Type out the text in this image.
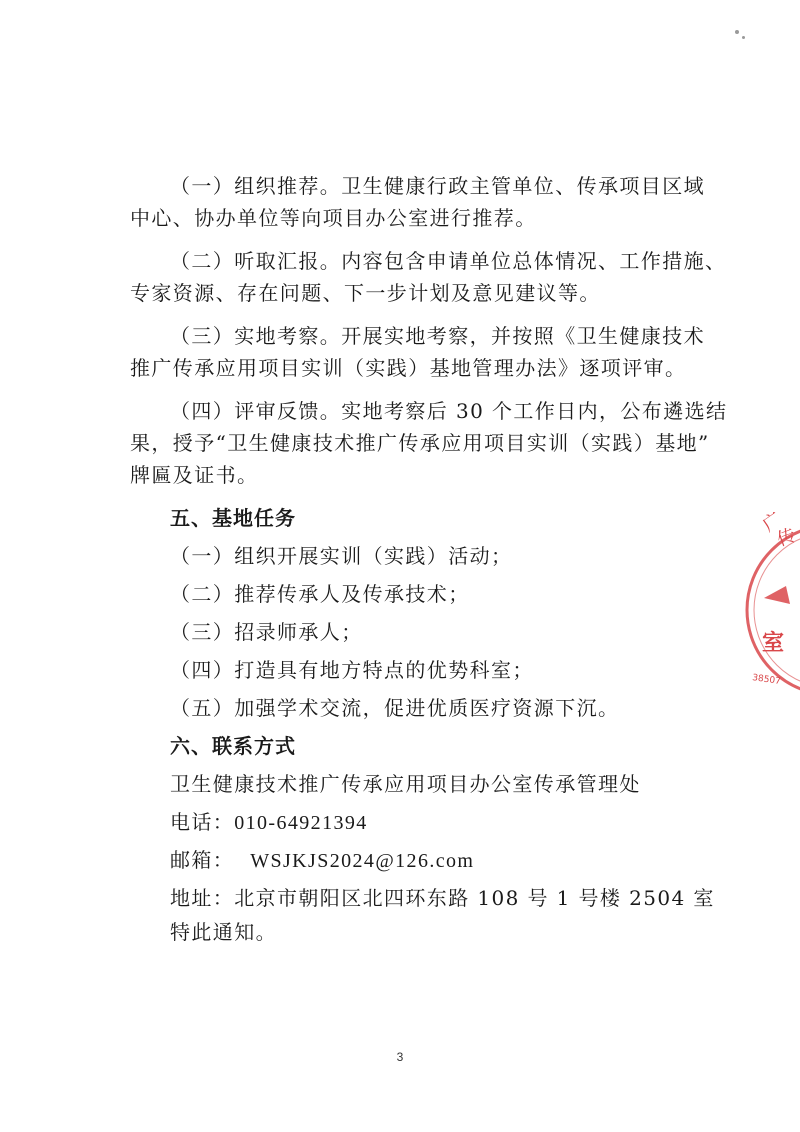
（一）组织推荐。卫生健康行政主管单位、传承项目区域

中心、协办单位等向项目办公室进行推荐。

（二）听取汇报。内容包含申请单位总体情况、工作措施、

专家资源、存在问题、下一步计划及意见建议等。

（三）实地考察。开展实地考察，并按照《卫生健康技术

推广传承应用项目实训（实践）基地管理办法》逐项评审。

（四）评审反馈。实地考察后 30 个工作日内，公布遴选结

果，授予“卫生健康技术推广传承应用项目实训（实践）基地”

牌匾及证书。

五、基地任务

（一）组织开展实训（实践）活动；

（二）推荐传承人及传承技术；

（三）招录师承人；

（四）打造具有地方特点的优势科室；

（五）加强学术交流，促进优质医疗资源下沉。

六、联系方式

卫生健康技术推广传承应用项目办公室传承管理处

电话：010-64921394

邮箱： WSJKJS2024@126.com

地址：北京市朝阳区北四环东路 108 号 1 号楼 2504 室

特此通知。

3
广
传
室
38507
